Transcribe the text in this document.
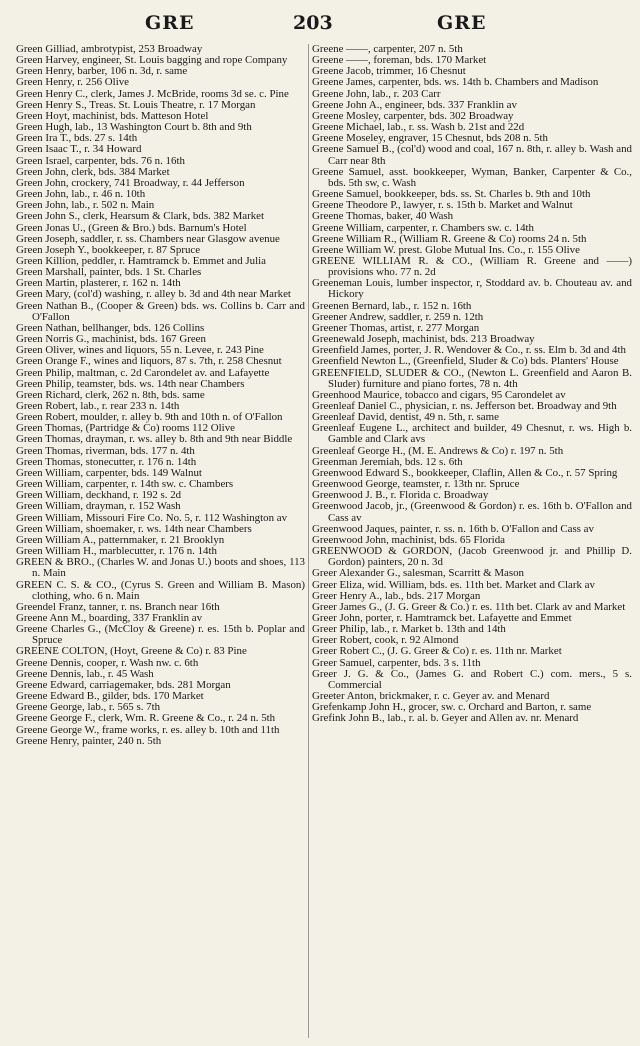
GRE	203	GRE

Green Gilliad, ambrotypist, 253 Broadway

Green Harvey, engineer, St. Louis bagging and rope Company

Green Henry, barber, 106 n. 3d, r. same

Green Henry, r. 256 Olive

Green Henry C., clerk, James J. McBride, rooms 3d se. c. Pine

Green Henry S., Treas. St. Louis Theatre, r. 17 Morgan

Green Hoyt, machinist, bds. Matteson Hotel

Green Hugh, lab., 13 Washington Court b. 8th and 9th

Green Ira T., bds. 27 s. 14th

Green Isaac T., r. 34 Howard

Green Israel, carpenter, bds. 76 n. 16th

Green John, clerk, bds. 384 Market

Green John, crockery, 741 Broadway, r. 44 Jefferson

Green John, lab., r. 46 n. 10th

Green John, lab., r. 502 n. Main

Green John S., clerk, Hearsum & Clark, bds. 382 Market

Green Jonas U., (Green & Bro.) bds. Barnum's Hotel

Green Joseph, saddler, r. ss. Chambers near Glasgow avenue

Green Joseph Y., bookkeeper, r. 87 Spruce

Green Killion, peddler, r. Hamtramck b. Emmet and Julia

Green Marshall, painter, bds. 1 St. Charles

Green Martin, plasterer, r. 162 n. 14th

Green Mary, (col'd) washing, r. alley b. 3d and 4th near Market

Green Nathan B., (Cooper & Green) bds. ws. Collins b. Carr and O'Fallon

Green Nathan, bellhanger, bds. 126 Collins

Green Norris G., machinist, bds. 167 Green

Green Oliver, wines and liquors, 55 n. Levee, r. 243 Pine

Green Orange F., wines and liquors, 87 s. 7th, r. 258 Chesnut

Green Philip, maltman, c. 2d Carondelet av. and Lafayette

Green Philip, teamster, bds. ws. 14th near Chambers

Green Richard, clerk, 262 n. 8th, bds. same

Green Robert, lab., r. rear 233 n. 14th

Green Robert, moulder, r. alley b. 9th and 10th n. of O'Fallon

Green Thomas, (Partridge & Co) rooms 112 Olive

Green Thomas, drayman, r. ws. alley b. 8th and 9th near Biddle

Green Thomas, riverman, bds. 177 n. 4th

Green Thomas, stonecutter, r. 176 n. 14th

Green William, carpenter, bds. 149 Walnut

Green William, carpenter, r. 14th sw. c. Chambers

Green William, deckhand, r. 192 s. 2d

Green William, drayman, r. 152 Wash

Green William, Missouri Fire Co. No. 5, r. 112 Washington av

Green William, shoemaker, r. ws. 14th near Chambers

Green William A., patternmaker, r. 21 Brooklyn

Green William H., marblecutter, r. 176 n. 14th

GREEN & BRO., (Charles W. and Jonas U.) boots and shoes, 113 n. Main

GREEN C. S. & CO., (Cyrus S. Green and William B. Mason) clothing, who. 6 n. Main

Greendel Franz, tanner, r. ns. Branch near 16th

Greene Ann M., boarding, 337 Franklin av

Greene Charles G., (McCloy & Greene) r. es. 15th b. Poplar and Spruce

GREENE COLTON, (Hoyt, Greene & Co) r. 83 Pine

Greene Dennis, cooper, r. Wash nw. c. 6th

Greene Dennis, lab., r. 45 Wash

Greene Edward, carriagemaker, bds. 281 Morgan

Greene Edward B., gilder, bds. 170 Market

Greene George, lab., r. 565 s. 7th

Greene George F., clerk, Wm. R. Greene & Co., r. 24 n. 5th

Greene George W., frame works, r. es. alley b. 10th and 11th

Greene Henry, painter, 240 n. 5th

Greene ——, carpenter, 207 n. 5th

Greene ——, foreman, bds. 170 Market

Greene Jacob, trimmer, 16 Chesnut

Greene James, carpenter, bds. ws. 14th b. Chambers and Madison

Greene John, lab., r. 203 Carr

Greene John A., engineer, bds. 337 Franklin av

Greene Mosley, carpenter, bds. 302 Broadway

Greene Michael, lab., r. ss. Wash b. 21st and 22d

Greene Moseley, engraver, 15 Chesnut, bds 208 n. 5th

Greene Samuel B., (col'd) wood and coal, 167 n. 8th, r. alley b. Wash and Carr near 8th

Greene Samuel, asst. bookkeeper, Wyman, Banker, Carpenter & Co., bds. 5th sw, c. Wash

Greene Samuel, bookkeeper, bds. ss. St. Charles b. 9th and 10th

Greene Theodore P., lawyer, r. s. 15th b. Market and Walnut

Greene Thomas, baker, 40 Wash

Greene William, carpenter, r. Chambers sw. c. 14th

Greene William R., (William R. Greene & Co) rooms 24 n. 5th

Greene William W. prest. Globe Mutual Ins. Co., r. 155 Olive

GREENE WILLIAM R. & CO., (William R. Greene and ——) provisions who. 77 n. 2d

Greeneman Louis, lumber inspector, r, Stoddard av. b. Chouteau av. and Hickory

Greenen Bernard, lab., r. 152 n. 16th

Greener Andrew, saddler, r. 259 n. 12th

Greener Thomas, artist, r. 277 Morgan

Greenewald Joseph, machinist, bds. 213 Broadway

Greenfield James, porter, J. R. Wendover & Co., r. ss. Elm b. 3d and 4th

Greenfield Newton L., (Greenfield, Sluder & Co) bds. Planters' House

GREENFIELD, SLUDER & CO., (Newton L. Greenfield and Aaron B. Sluder) furniture and piano fortes, 78 n. 4th

Greenhood Maurice, tobacco and cigars, 95 Carondelet av

Greenleaf Daniel C., physician, r. ns. Jefferson bet. Broadway and 9th

Greenleaf David, dentist, 49 n. 5th, r. same

Greenleaf Eugene L., architect and builder, 49 Chesnut, r. ws. High b. Gamble and Clark avs

Greenleaf George H., (M. E. Andrews & Co) r. 197 n. 5th

Greenman Jeremiah, bds. 12 s. 6th

Greenwood Edward S., bookkeeper, Claflin, Allen & Co., r. 57 Spring

Greenwood George, teamster, r. 13th nr. Spruce

Greenwood J. B., r. Florida c. Broadway

Greenwood Jacob, jr., (Greenwood & Gordon) r. es. 16th b. O'Fallon and Cass av

Greenwood Jaques, painter, r. ss. n. 16th b. O'Fallon and Cass av

Greenwood John, machinist, bds. 65 Florida

GREENWOOD & GORDON, (Jacob Greenwood jr. and Phillip D. Gordon) painters, 20 n. 3d

Greer Alexander G., salesman, Scarritt & Mason

Greer Eliza, wid. William, bds. es. 11th bet. Market and Clark av

Greer Henry A., lab., bds. 217 Morgan

Greer James G., (J. G. Greer & Co.) r. es. 11th bet. Clark av and Market

Greer John, porter, r. Hamtramck bet. Lafayette and Emmet

Greer Philip, lab., r. Market b. 13th and 14th

Greer Robert, cook, r. 92 Almond

Greer Robert C., (J. G. Greer & Co) r. es. 11th nr. Market

Greer Samuel, carpenter, bds. 3 s. 11th

Greer J. G. & Co., (James G. and Robert C.) com. mers., 5 s. Commercial

Greeter Anton, brickmaker, r. c. Geyer av. and Menard

Grefenkamp John H., grocer, sw. c. Orchard and Barton, r. same

Grefink John B., lab., r. al. b. Geyer and Allen av. nr. Menard
